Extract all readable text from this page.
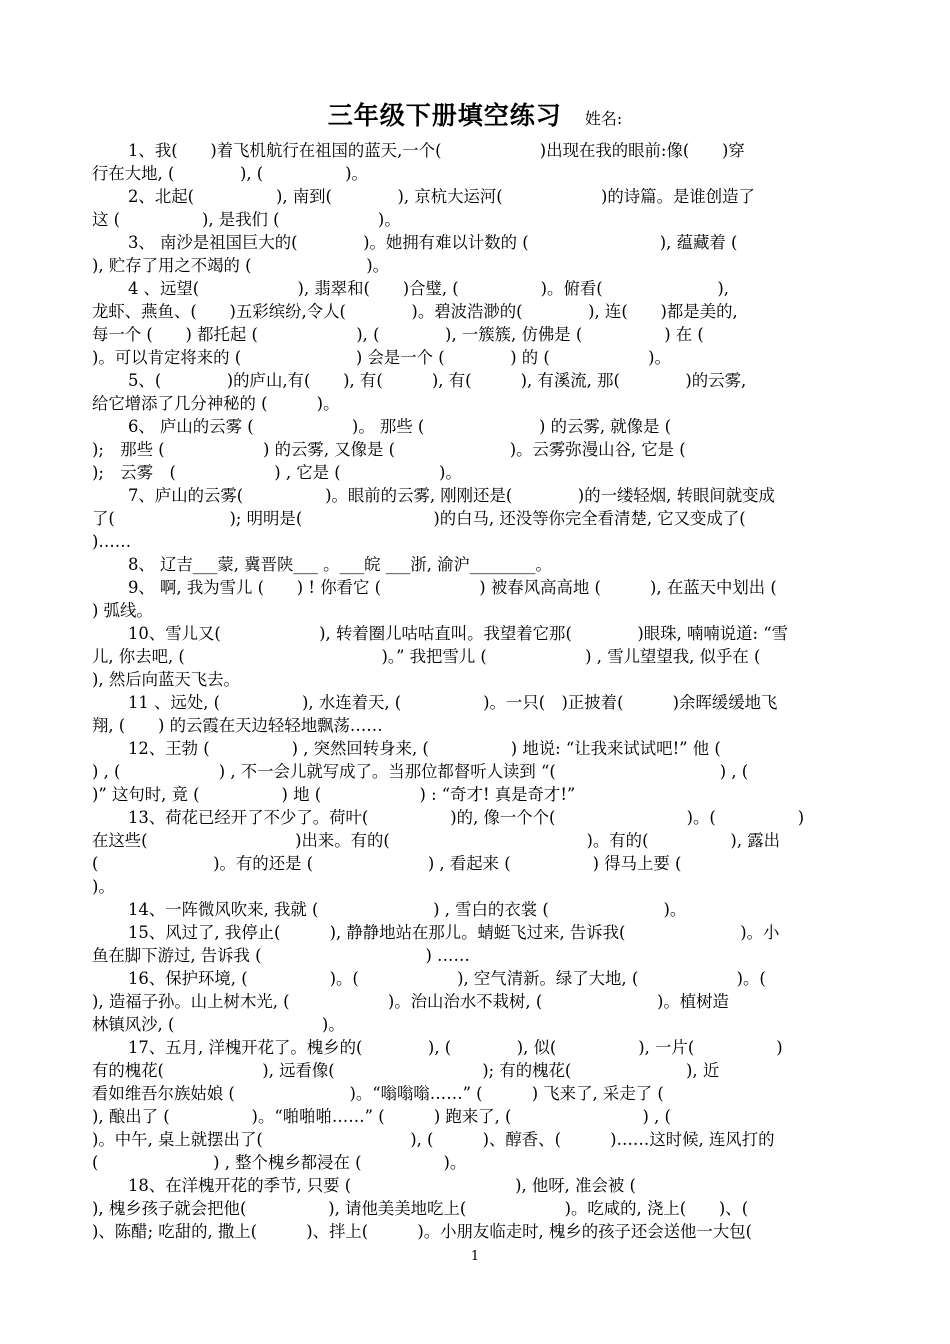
三年级下册填空练习 姓名:
1、我(　　)着飞机航行在祖国的蓝天,一个(　　　　　　)出现在我的眼前:像(　　)穿
行在大地, (　　　　), (　　　　　)。
2、北起(　　　　　), 南到(　　　　), 京杭大运河(　　　　　　)的诗篇。是谁创造了
这 (　　　　　), 是我们 (　　　　　　)。
3、 南沙是祖国巨大的(　　　　)。她拥有难以计数的 (　　　　　　　　), 蕴藏着 (
), 贮存了用之不竭的 (　　　　　　　)。
4 、远望(　　　　　　), 翡翠和(　　)合璧, (　　　　　)。俯看(　　　　　　　),
龙虾、燕鱼、(　　)五彩缤纷,令人(　　　　)。碧波浩渺的(　　　　), 连(　　)都是美的,
每一个 (　　) 都托起 (　　　　　　), (　　　　), 一簇簇, 仿佛是 (　　　　　) 在 (
)。可以肯定将来的 (　　　　　　　) 会是一个 (　　　　) 的 (　　　　　　)。
5、(　　　　)的庐山,有(　　), 有(　　　), 有(　　　), 有溪流, 那(　　　　)的云雾,
给它增添了几分神秘的 (　　　)。
6、 庐山的云雾 (　　　　　　)。 那些 (　　　　　　　) 的云雾, 就像是 (
);　那些 (　　　　　　) 的云雾, 又像是 (　　　　　　　)。云雾弥漫山谷, 它是 (
);　云雾　(　　　　　　) , 它是 (　　　　　　)。
7、庐山的云雾(　　　　　)。眼前的云雾, 刚刚还是(　　　　)的一缕轻烟, 转眼间就变成
了(　　　　　　　); 明明是(　　　　　　　　)的白马, 还没等你完全看清楚, 它又变成了(
)……
8、 辽吉___蒙, 冀晋陕___ 。___皖 ___浙, 渝沪________。
9、 啊, 我为雪儿 (　　) ! 你看它 (　　　　　　) 被春风高高地 (　　　), 在蓝天中划出 (
) 弧线。
10、雪儿又(　　　　　　), 转着圈儿咕咕直叫。我望着它那(　　　　)眼珠, 喃喃说道: “雪
儿, 你去吧, (　　　　　　　　　　　　)。” 我把雪儿 (　　　　　　) , 雪儿望望我, 似乎在 (
), 然后向蓝天飞去。
11 、远处, (　　　　　), 水连着天, (　　　　　)。一只(　)正披着(　　　)余晖缓缓地飞
翔, (　　) 的云霞在天边轻轻地飘荡……
12、王勃 (　　　　　) , 突然回转身来, (　　　　　) 地说: “让我来试试吧!” 他 (
) , (　　　　　　) , 不一会儿就写成了。当那位都督听人读到 “(　　　　　　　　　　) , (
)” 这句时, 竟 (　　　　　) 地 (　　　　　　) : “奇才! 真是奇才!”
13、荷花已经开了不少了。荷叶(　　　　　)的, 像一个个(　　　　　　　　)。(　　　　　)
在这些(　　　　　　　　　)出来。有的(　　　　　　　　　　　　)。有的(　　　　　), 露出
(　　　　　　　)。有的还是 (　　　　　　　) , 看起来 (　　　　　) 得马上要 (
)。
14、一阵微风吹来, 我就 (　　　　　　　) , 雪白的衣裳 (　　　　　　　)。
15、风过了, 我停止(　　　), 静静地站在那儿。蜻蜓飞过来, 告诉我(　　　　　　　)。小
鱼在脚下游过, 告诉我 (　　　　　　　　　　) ……
16、保护环境, (　　　　　)。(　　　　　　), 空气清新。绿了大地, (　　　　　　)。(
), 造福子孙。山上树木光, (　　　　　　)。治山治水不栽树, (　　　　　　　)。植树造
林镇风沙, (　　　　　　　　　)。
17、五月, 洋槐开花了。槐乡的(　　　　), (　　　　), 似(　　　　　), 一片(　　　　　)
有的槐花(　　　　　　), 远看像(　　　　　　　　　); 有的槐花(　　　　　　　), 近
看如维吾尔族姑娘 (　　　　　　　)。“嗡嗡嗡……” (　　　) 飞来了, 采走了 (
), 酿出了 (　　　　　)。“啪啪啪……” (　　　) 跑来了, (　　　　　　　　) , (
)。中午, 桌上就摆出了(　　　　　　　　　), (　　　)、醇香、(　　　)……这时候, 连风打的
(　　　　　　　) , 整个槐乡都浸在 (　　　　　)。
18、在洋槐开花的季节, 只要 (　　　　　　　　　　), 他呀, 准会被 (
), 槐乡孩子就会把他(　　　　　), 请他美美地吃上(　　　　　　)。吃咸的, 浇上(　　)、(
)、陈醋; 吃甜的, 撒上(　　　)、拌上(　　　)。小朋友临走时, 槐乡的孩子还会送他一大包(
1
